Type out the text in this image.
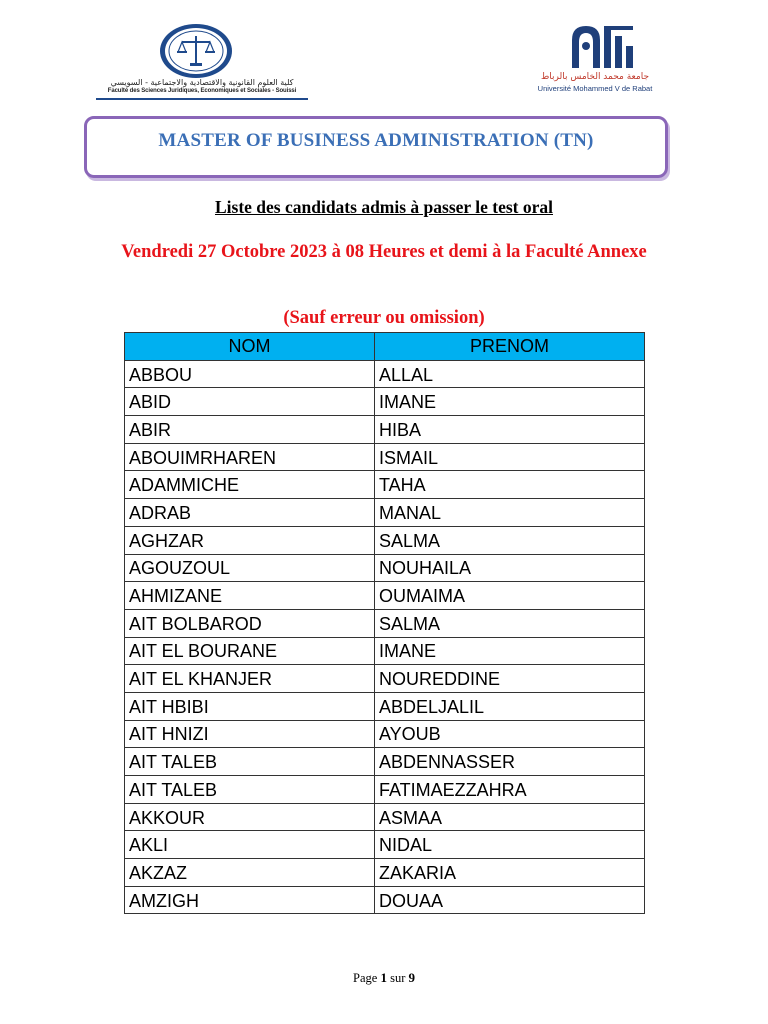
كلية العلوم القانونية والاقتصادية والاجتماعية - السويسي
Faculté des Sciences Juridiques, Economiques et Sociales - Souissi
جامعة محمد الخامس بالرباط
Université Mohammed V de Rabat
MASTER OF BUSINESS ADMINISTRATION (TN)
Liste des candidats admis à passer le test oral
Vendredi 27 Octobre 2023 à 08 Heures et demi à la Faculté Annexe
(Sauf erreur ou omission)
NOM	PRENOM
ABBOU	ALLAL
ABID	IMANE
ABIR	HIBA
ABOUIMRHAREN	ISMAIL
ADAMMICHE	TAHA
ADRAB	MANAL
AGHZAR	SALMA
AGOUZOUL	NOUHAILA
AHMIZANE	OUMAIMA
AIT BOLBAROD	SALMA
AIT EL BOURANE	IMANE
AIT EL KHANJER	NOUREDDINE
AIT HBIBI	ABDELJALIL
AIT HNIZI	AYOUB
AIT TALEB	ABDENNASSER
AIT TALEB	FATIMAEZZAHRA
AKKOUR	ASMAA
AKLI	NIDAL
AKZAZ	ZAKARIA
AMZIGH	DOUAA
Page 1 sur 9
